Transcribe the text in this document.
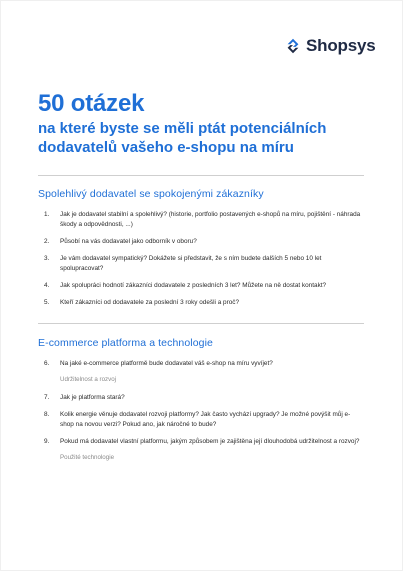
Shopsys
50 otázek
na které byste se měli ptát potenciálních dodavatelů vašeho e-shopu na míru
Spolehlivý dodavatel se spokojenými zákazníky
1.	Jak je dodavatel stabilní a spolehlivý? (historie, portfolio postavených e-shopů na míru, pojištění - náhrada škody a odpovědnosti, ...)
2.	Působí na vás dodavatel jako odborník v oboru?
3.	Je vám dodavatel sympatický? Dokážete si představit, že s ním budete dalších 5 nebo 10 let spolupracovat?
4.	Jak spolupráci hodnotí zákazníci dodavatele z posledních 3 let? Můžete na ně dostat kontakt?
5.	Kteří zákazníci od dodavatele za poslední 3 roky odešli a proč?
E-commerce platforma a technologie
6.	Na jaké e-commerce platformě bude dodavatel váš e-shop na míru vyvíjet?
Udržitelnost a rozvoj
7.	Jak je platforma stará?
8.	Kolik energie věnuje dodavatel rozvoji platformy? Jak často vychází upgrady? Je možné povýšit můj e-shop na novou verzi? Pokud ano, jak náročné to bude?
9.	Pokud má dodavatel vlastní platformu, jakým způsobem je zajištěna její dlouhodobá udržitelnost a rozvoj?
Použité technologie
